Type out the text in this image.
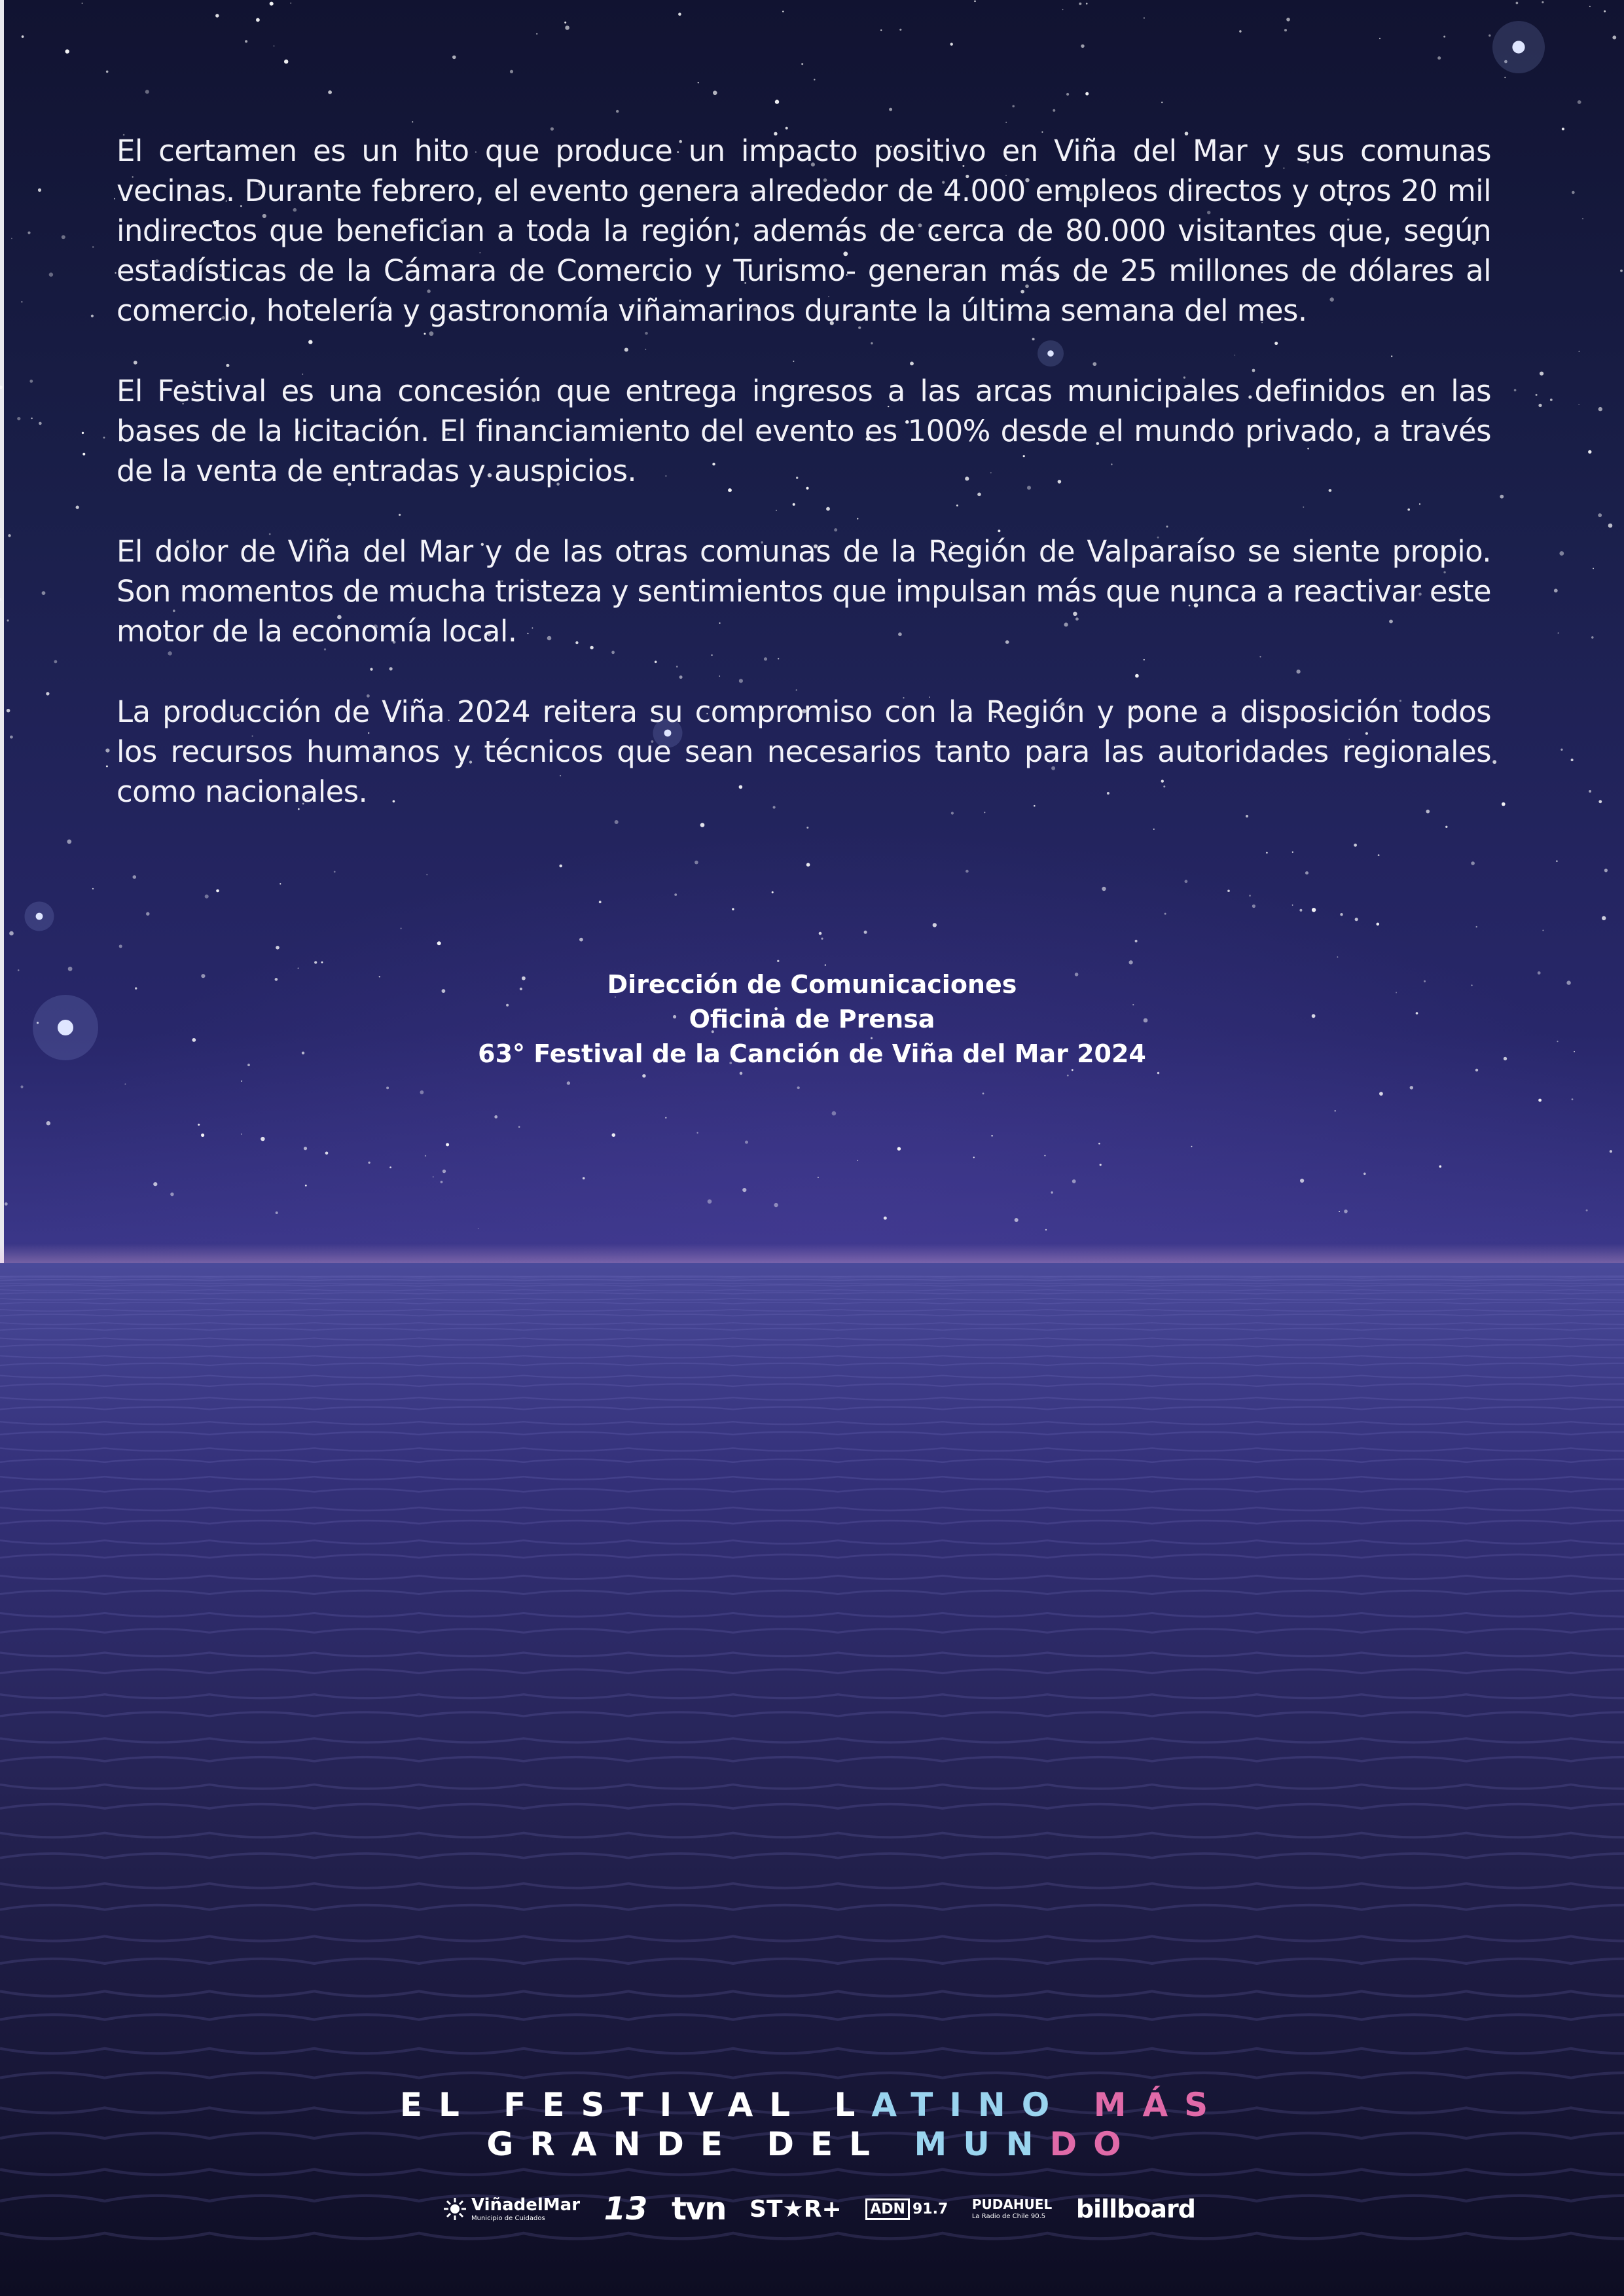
El certamen es un hito que produce un impacto positivo en Viña del Mar y sus comunas vecinas. Durante febrero, el evento genera alrededor de 4.000 empleos directos y otros 20 mil indirectos que benefician a toda la región, además de cerca de 80.000 visitantes que, según estadísticas de la Cámara de Comercio y Turismo- generan más de 25 millones de dólares al comercio, hotelería y gastronomía viñamarinos durante la última semana del mes.

El Festival es una concesión que entrega ingresos a las arcas municipales definidos en las bases de la licitación. El financiamiento del evento es 100% desde el mundo privado, a través de la venta de entradas y auspicios.

El dolor de Viña del Mar y de las otras comunas de la Región de Valparaíso se siente propio. Son momentos de mucha tristeza y sentimientos que impulsan más que nunca a reactivar este motor de la economía local.

La producción de Viña 2024 reitera su compromiso con la Región y pone a disposición todos los recursos humanos y técnicos que sean necesarios tanto para las autoridades regionales como nacionales.

Dirección de Comunicaciones
Oficina de Prensa
63° Festival de la Canción de Viña del Mar 2024
EL FESTIVAL LATINO MÁS
GRANDE DEL MUNDO
ViñadelMar
Municipio de Cuidados	13 tvn ST★R+	ADN 91.7 PUDAHUEL
La Radio de Chile 90.5 billboard
